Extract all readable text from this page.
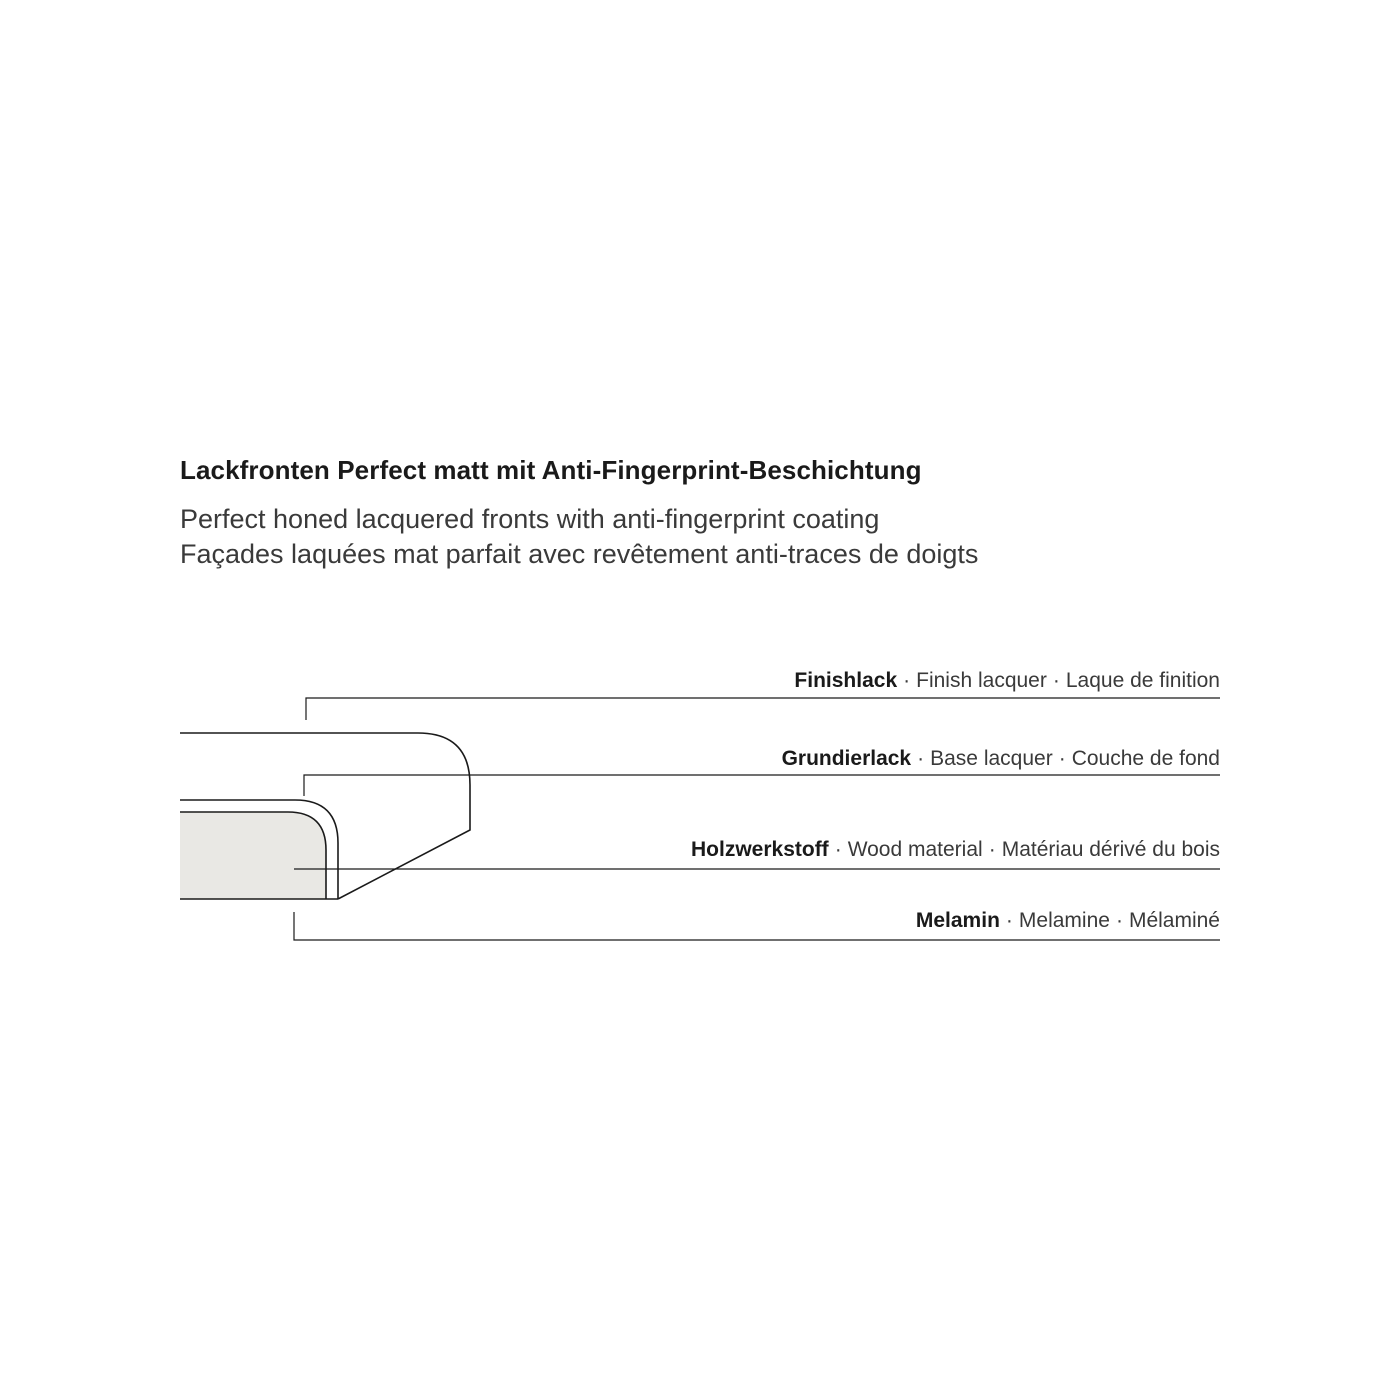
Lackfronten Perfect matt mit Anti-Fingerprint-Beschichtung
Perfect honed lacquered fronts with anti-fingerprint coating
Façades laquées mat parfait avec revêtement anti-traces de doigts
Finishlack · Finish lacquer · Laque de finition
Grundierlack · Base lacquer · Couche de fond
Holzwerkstoff · Wood material · Matériau dérivé du bois
Melamin · Melamine · Mélaminé
